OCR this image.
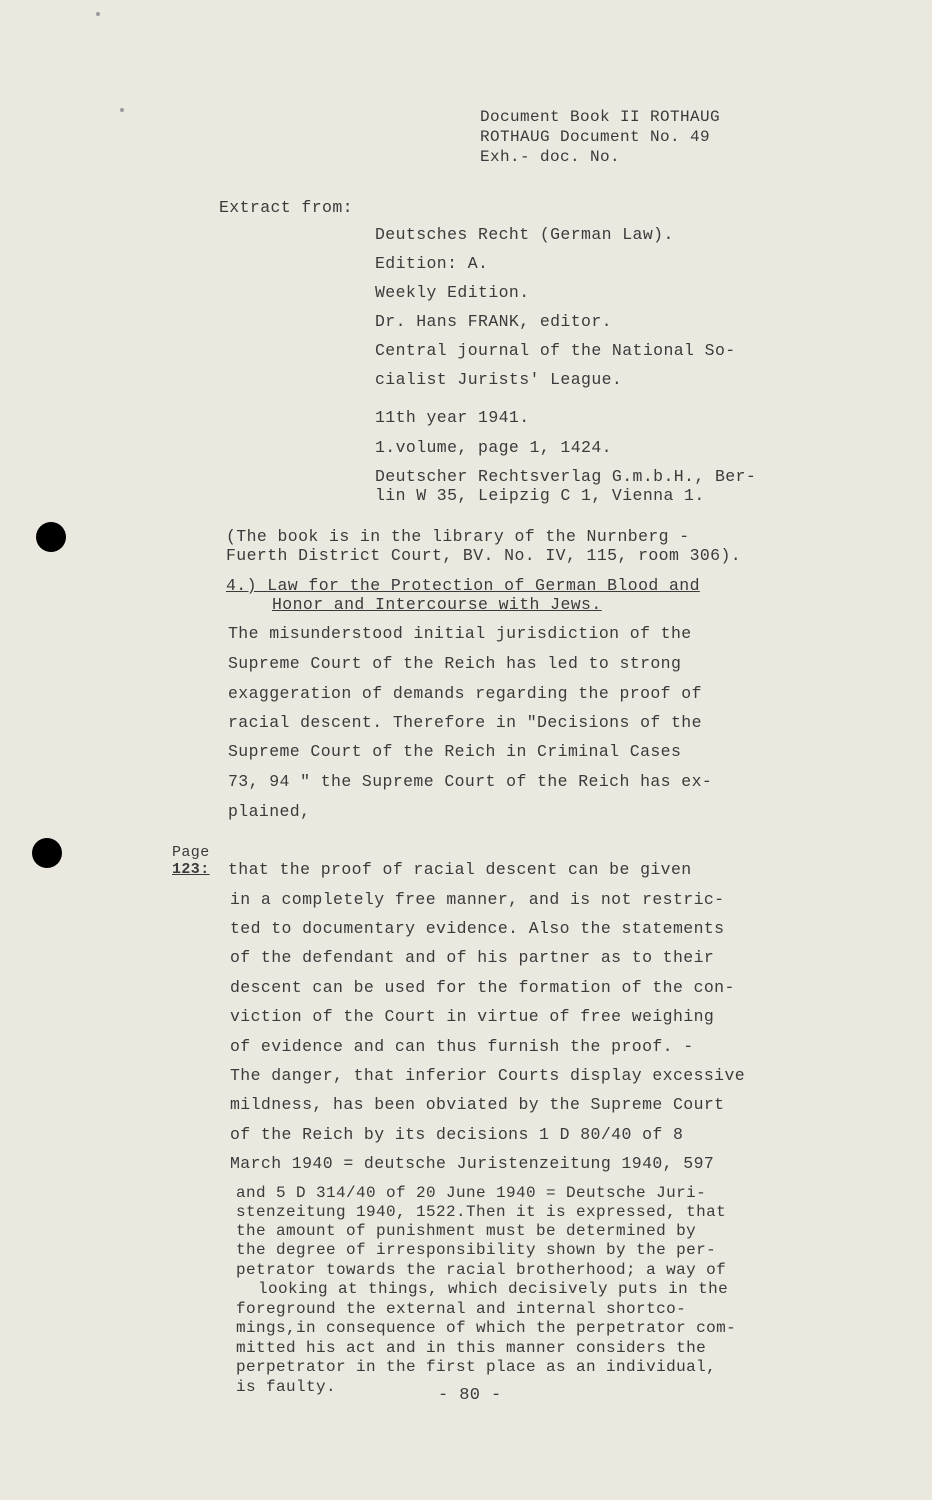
Document Book II ROTHAUG
ROTHAUG Document No. 49
Exh.- doc. No.
Extract from:
Deutsches Recht (German Law).
Edition: A.
Weekly Edition.
Dr. Hans FRANK, editor.
Central journal of the National So-
cialist Jurists' League.
11th year 1941.
1.volume, page 1, 1424.
Deutscher Rechtsverlag G.m.b.H., Ber-
lin W 35, Leipzig C 1, Vienna 1.
(The book is in the library of the Nurnberg -
Fuerth District Court, BV. No. IV, 115, room 306).
4.) Law for the Protection of German Blood and
Honor and Intercourse with Jews.
The misunderstood initial jurisdiction of the
Supreme Court of the Reich has led to strong
exaggeration of demands regarding the proof of
racial descent. Therefore in "Decisions of the
Supreme Court of the Reich in Criminal Cases
73, 94 " the Supreme Court of the Reich has ex-
plained,
Page
123: that the proof of racial descent can be given
in a completely free manner, and is not restric-
ted to documentary evidence. Also the statements
of the defendant and of his partner as to their
descent can be used for the formation of the con-
viction of the Court in virtue of free weighing
of evidence and can thus furnish the proof. -
The danger, that inferior Courts display excessive
mildness, has been obviated by the Supreme Court
of the Reich by its decisions 1 D 80/40 of 8
March 1940 = deutsche Juristenzeitung 1940, 597
and 5 D 314/40 of 20 June 1940 = Deutsche Juri-
stenzeitung 1940, 1522.Then it is expressed, that
the amount of punishment must be determined by
the degree of irresponsibility shown by the per-
petrator towards the racial brotherhood; a way of
looking at things, which decisively puts in the
foreground the external and internal shortco-
mings,in consequence of which the perpetrator com-
mitted his act and in this manner considers the
perpetrator in the first place as an individual,
is faulty.	- 80 -
